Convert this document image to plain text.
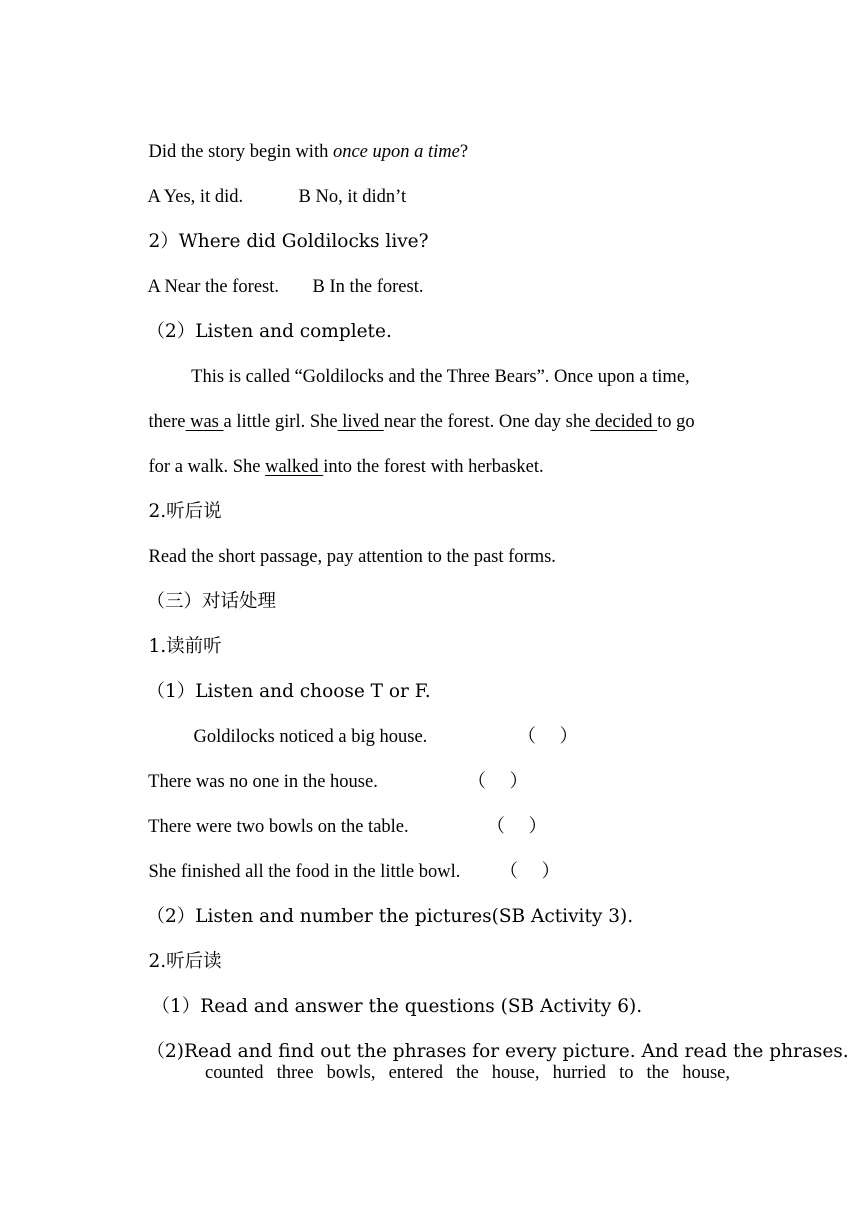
Did the story begin with once upon a time?

A Yes, it did.
	B No, it didn’t

2）Where did Goldilocks live?

A Near the forest.
	B In the forest.

（2）Listen and complete.

This is called “Goldilocks and the Three Bears”. Once upon a time,

there was a little girl. She lived near the forest. One day she decided to go

for a walk. She walked into the forest with herbasket.

2.听后说

Read the short passage, pay attention to the past forms.

（三）对话处理

1.读前听

（1）Listen and choose T or F.

Goldilocks noticed a big house.
	（    ）

There was no one in the house.
	（    ）

There were two bowls on the table.
	（    ）

She finished all the food in the little bowl.
	（    ）

（2）Listen and number the pictures(SB Activity 3).

2.听后读

（1）Read and answer the questions (SB Activity 6).

（2)Read and find out the phrases for every picture. And read the phrases.

counted three bowls, entered the house, hurried to the house,
